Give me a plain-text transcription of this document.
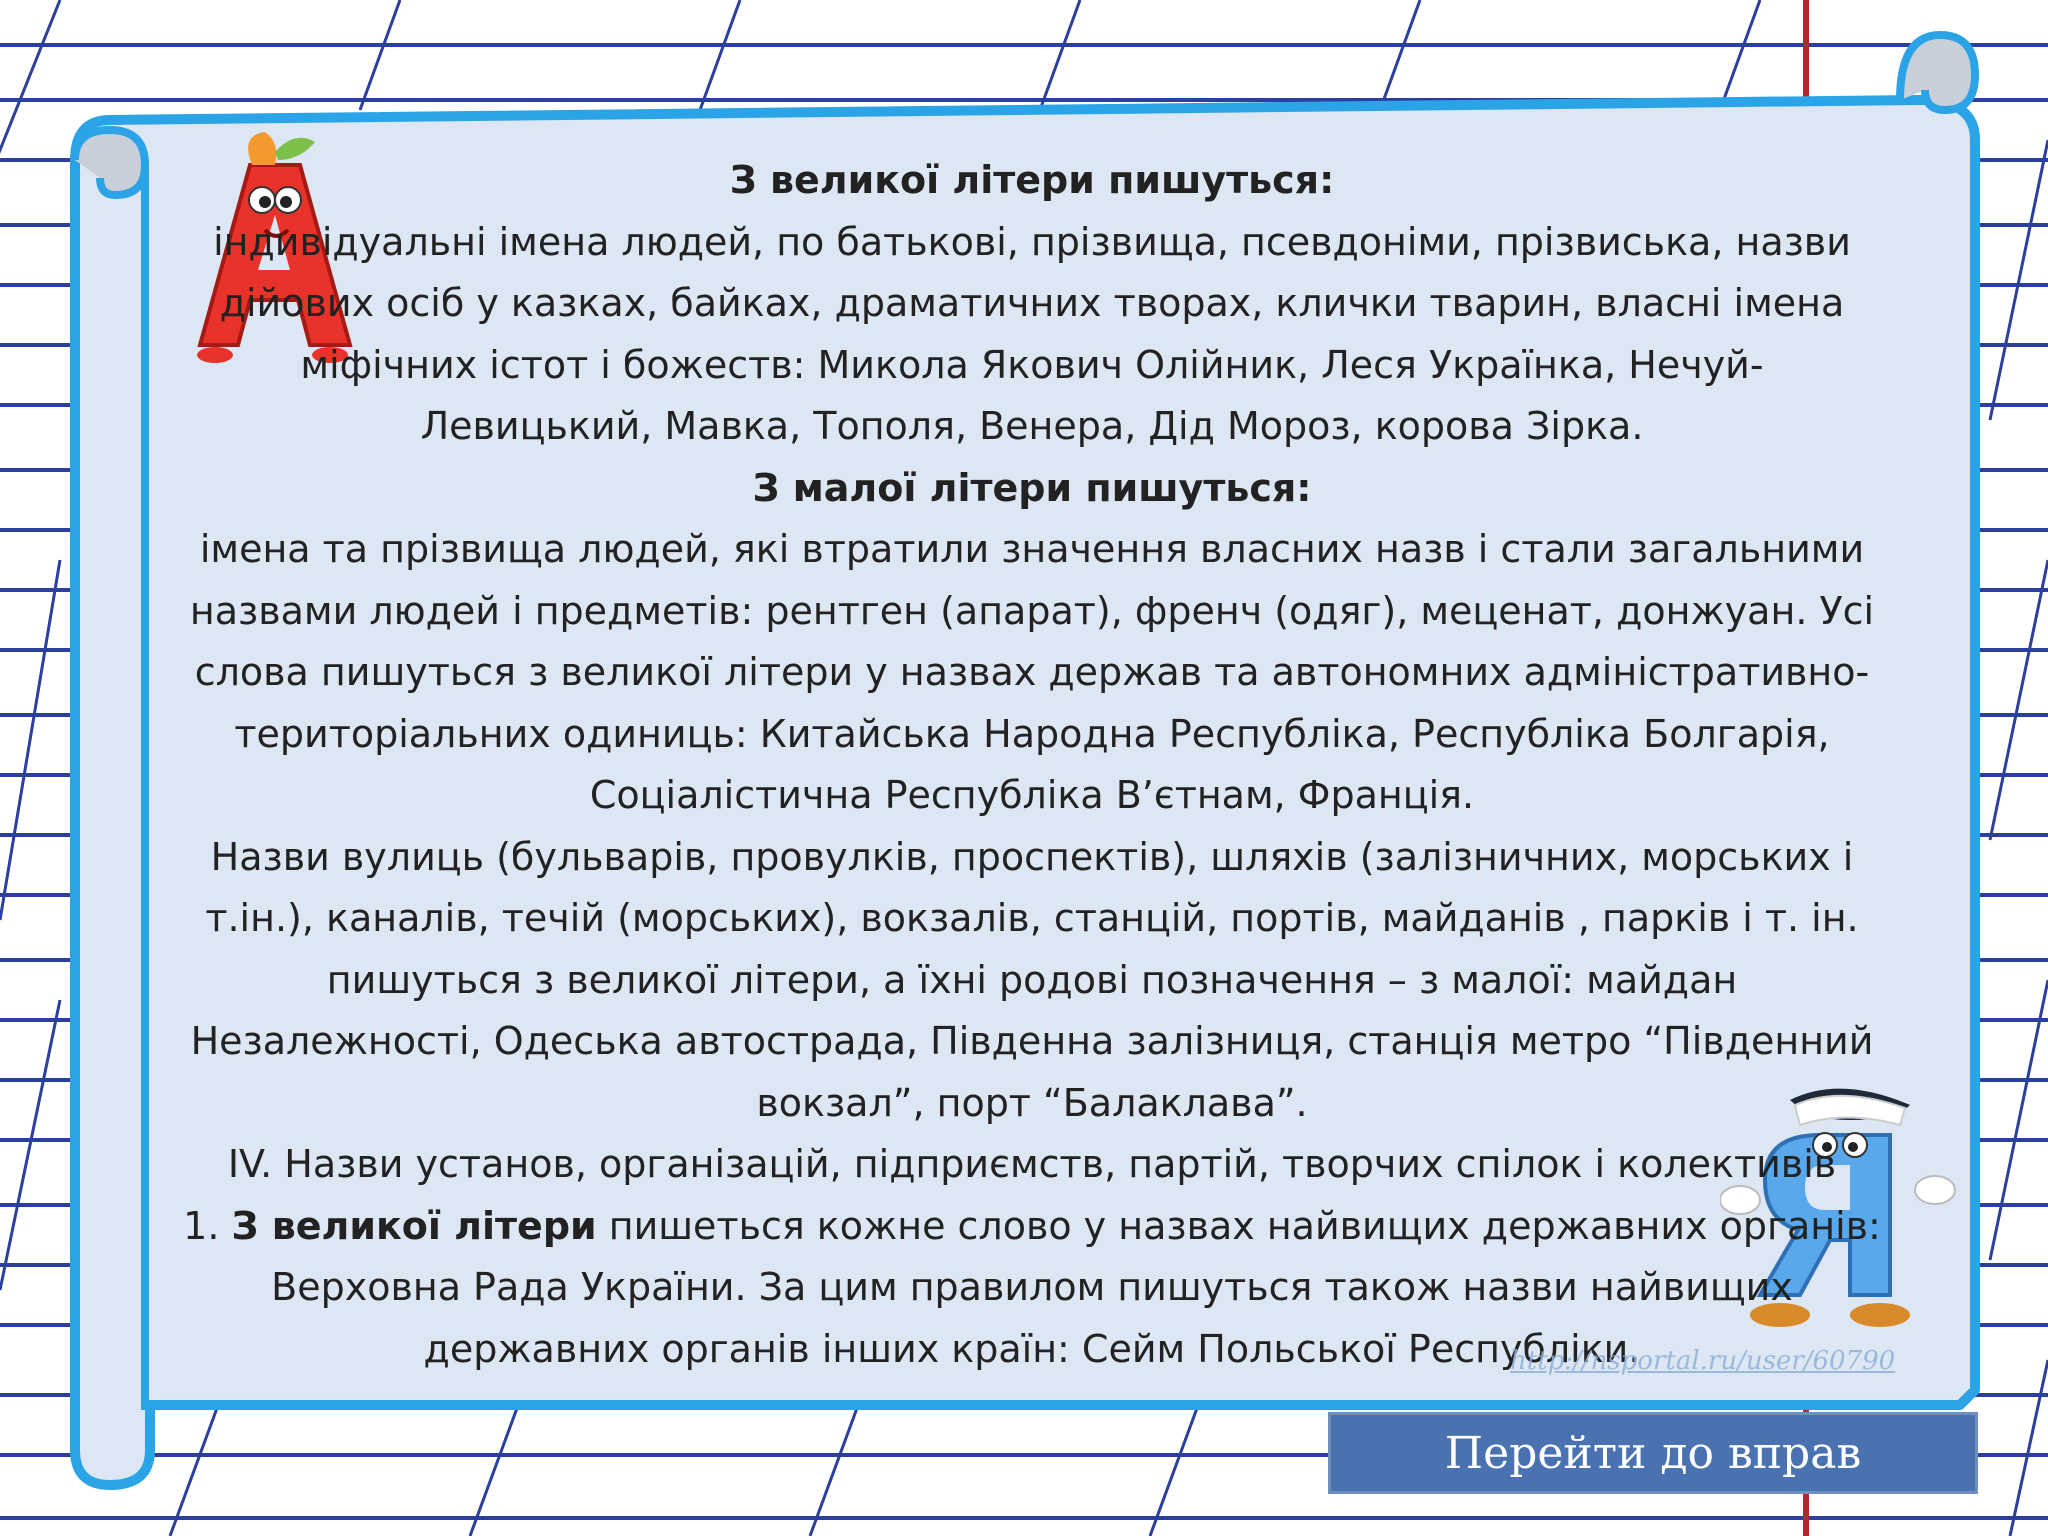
З великої літери пишуться:
індивідуальні імена людей, по батькові, прізвища, псевдоніми, прізвиська, назви
дійових осіб у казках, байках, драматичних творах, клички тварин, власні імена
міфічних істот і божеств: Микола Якович Олійник, Леся Українка, Нечуй-
Левицький, Мавка, Тополя, Венера, Дід Мороз, корова Зірка.
З малої літери пишуться:
імена та прізвища людей, які втратили значення власних назв і стали загальними
назвами людей і предметів: рентген (апарат), френч (одяг), меценат, донжуан. Усі
слова пишуться з великої літери у назвах держав та автономних адміністративно-
територіальних одиниць: Китайська Народна Республіка, Республіка Болгарія,
Соціалістична Республіка В’єтнам, Франція.
Назви вулиць (бульварів, провулків, проспектів), шляхів (залізничних, морських і
т.ін.), каналів, течій (морських), вокзалів, станцій, портів, майданів , парків і т. ін.
пишуться з великої літери, а їхні родові позначення – з малої: майдан
Незалежності, Одеська автострада, Південна залізниця, станція метро “Південний
вокзал”, порт “Балаклава”.
IV. Назви установ, організацій, підприємств, партій, творчих спілок і колективів
1. З великої літери пишеться кожне слово у назвах найвищих державних органів:
Верховна Рада України. За цим правилом пишуться також назви найвищих
державних органів інших країн: Сейм Польської Республіки.
http://nsportal.ru/user/60790
Перейти до вправ
